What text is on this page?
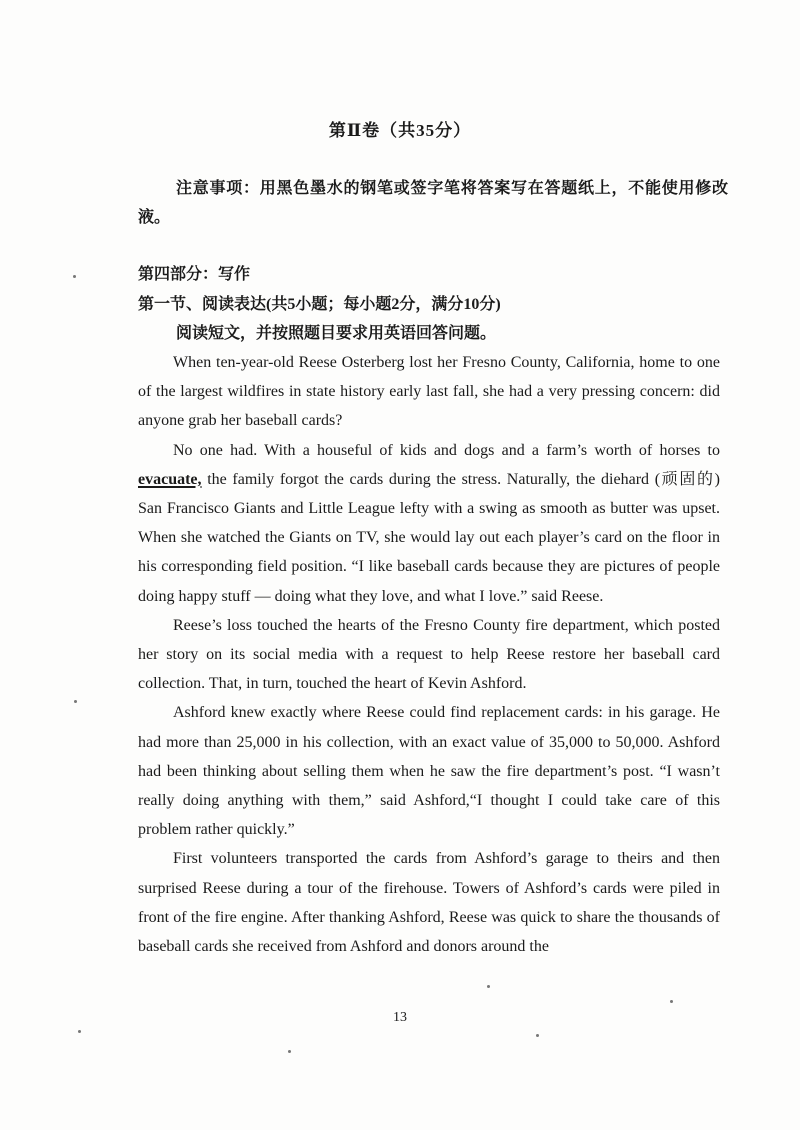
第Ⅱ卷（共35分）
注意事项：用黑色墨水的钢笔或签字笔将答案写在答题纸上，不能使用修改液。
第四部分：写作
第一节、阅读表达(共5小题；每小题2分，满分10分)
阅读短文，并按照题目要求用英语回答问题。

When ten-year-old Reese Osterberg lost her Fresno County, California, home to one of the largest wildfires in state history early last fall, she had a very pressing concern: did anyone grab her baseball cards?

No one had. With a houseful of kids and dogs and a farm’s worth of horses to evacuate, the family forgot the cards during the stress. Naturally, the diehard (顽固的) San Francisco Giants and Little League lefty with a swing as smooth as butter was upset. When she watched the Giants on TV, she would lay out each player’s card on the floor in his corresponding field position. “I like baseball cards because they are pictures of people doing happy stuff — doing what they love, and what I love.” said Reese.

Reese’s loss touched the hearts of the Fresno County fire department, which posted her story on its social media with a request to help Reese restore her baseball card collection. That, in turn, touched the heart of Kevin Ashford.

Ashford knew exactly where Reese could find replacement cards: in his garage. He had more than 25,000 in his collection, with an exact value of 35,000 to 50,000. Ashford had been thinking about selling them when he saw the fire department’s post. “I wasn’t really doing anything with them,” said Ashford,“I thought I could take care of this problem rather quickly.”

First volunteers transported the cards from Ashford’s garage to theirs and then surprised Reese during a tour of the firehouse. Towers of Ashford’s cards were piled in front of the fire engine. After thanking Ashford, Reese was quick to share the thousands of baseball cards she received from Ashford and donors around the

13
